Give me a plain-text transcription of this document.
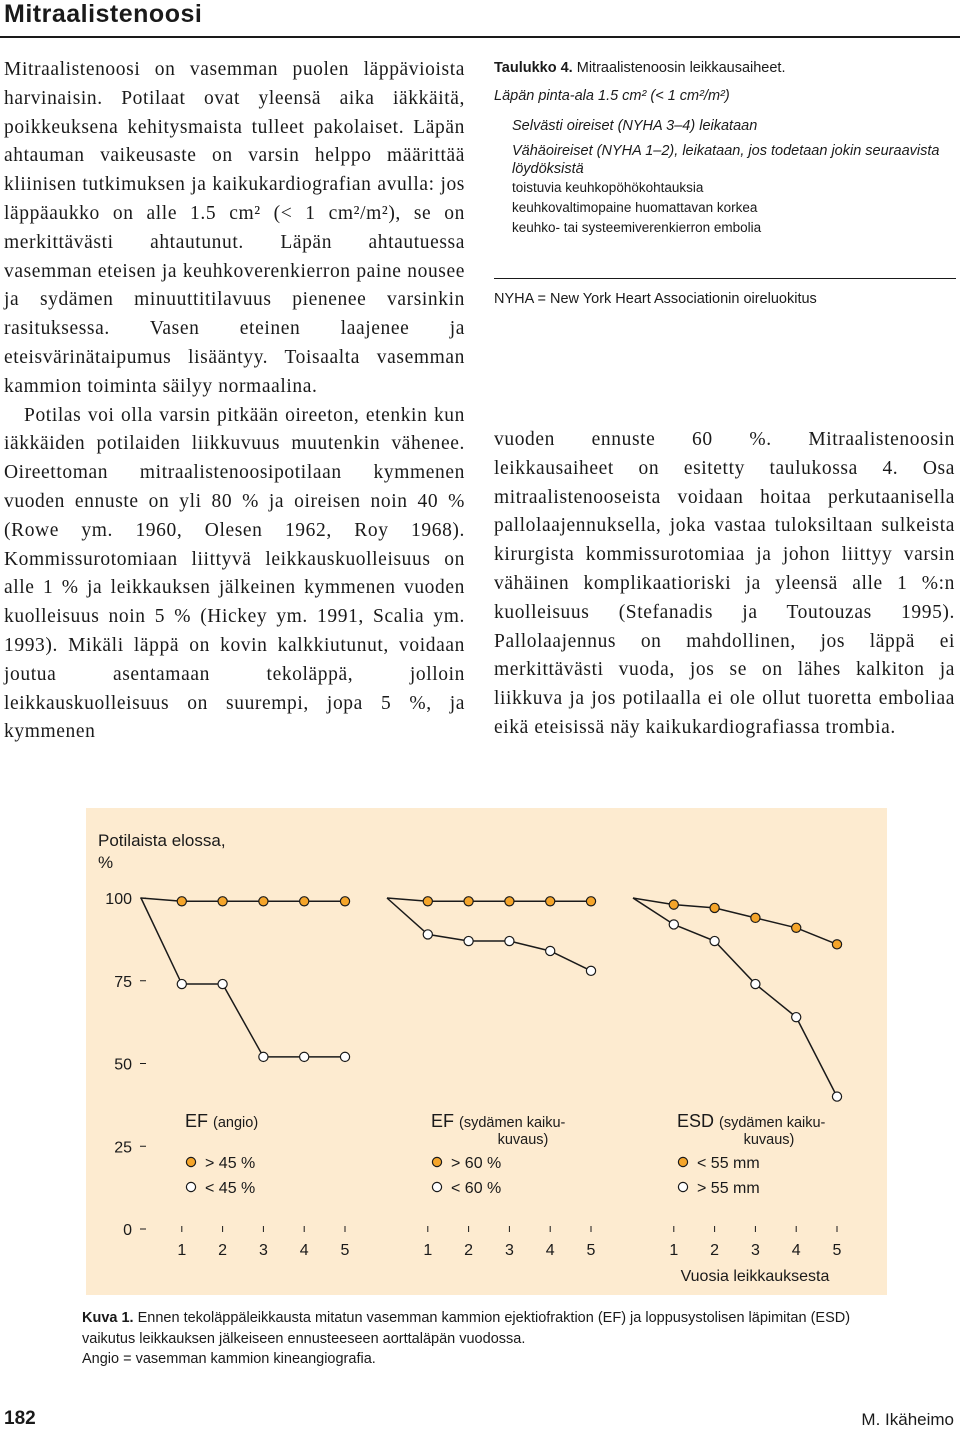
Mitraalistenoosi

Mitraalistenoosi on vasemman puolen läppävioista harvinaisin. Potilaat ovat yleensä aika iäkkäitä, poikkeuksena kehitysmaista tulleet pakolaiset. Läpän ahtauman vaikeusaste on varsin helppo määrittää kliinisen tutkimuksen ja kaikukardiografian avulla: jos läppäaukko on alle 1.5 cm² (< 1 cm²/m²), se on merkittävästi ahtautunut. Läpän ahtautuessa vasemman eteisen ja keuhkoverenkierron paine nousee ja sydämen minuuttitilavuus pienenee varsinkin rasituksessa. Vasen eteinen laajenee ja eteisvärinätaipumus lisääntyy. Toisaalta vasemman kammion toiminta säilyy normaalina.

Potilas voi olla varsin pitkään oireeton, etenkin kun iäkkäiden potilaiden liikkuvuus muutenkin vähenee. Oireettoman mitraalistenoosipotilaan kymmenen vuoden ennuste on yli 80 % ja oireisen noin 40 % (Rowe ym. 1960, Olesen 1962, Roy 1968). Kommissurotomiaan liittyvä leikkauskuolleisuus on alle 1 % ja leikkauksen jälkeinen kymmenen vuoden kuolleisuus noin 5 % (Hickey ym. 1991, Scalia ym. 1993). Mikäli läppä on kovin kalkkiutunut, voidaan joutua asentamaan tekoläppä, jolloin leikkauskuolleisuus on suurempi, jopa 5 %, ja kymmenen

Taulukko 4. Mitraalistenoosin leikkausaiheet.
Läpän pinta-ala 1.5 cm² (< 1 cm²/m²)
Selvästi oireiset (NYHA 3–4) leikataan
Vähäoireiset (NYHA 1–2), leikataan, jos todetaan jokin seuraavista löydöksistä
toistuvia keuhkopöhökohtauksia
keuhkovaltimopaine huomattavan korkea
keuhko- tai systeemiverenkierron embolia
NYHA = New York Heart Associationin oireluokitus

vuoden ennuste 60 %. Mitraalistenoosin leikkausaiheet on esitetty taulukossa 4. Osa mitraalistenooseista voidaan hoitaa perkutaanisella pallolaajennuksella, joka vastaa tuloksiltaan sulkeista kirurgista kommissurotomiaa ja johon liittyy varsin vähäinen komplikaatioriski ja yleensä alle 1 %:n kuolleisuus (Stefanadis ja Toutouzas 1995). Pallolaajennus on mahdollinen, jos läppä ei merkittävästi vuoda, jos se on lähes kalkiton ja liikkuva ja jos potilaalla ei ole ollut tuoretta emboliaa eikä eteisissä näy kaikukardiografiassa trombia.

Potilaista elossa,
%
0
25
50
75
100
1 2 3 4 5
EF (angio)
> 45 %
< 45 %
1 2 3 4 5
EF (sydämen kaiku-
kuvaus)
> 60 %
< 60 %
1 2 3 4 5
ESD (sydämen kaiku-
kuvaus)
< 55 mm
> 55 mm
Vuosia leikkauksesta
Kuva 1. Ennen tekoläppäleikkausta mitatun vasemman kammion ejektiofraktion (EF) ja loppusystolisen läpimitan (ESD) vaikutus leikkauksen jälkeiseen ennusteeseen aorttaläpän vuodossa.
Angio = vasemman kammion kineangiografia.
182	M. Ikäheimo
